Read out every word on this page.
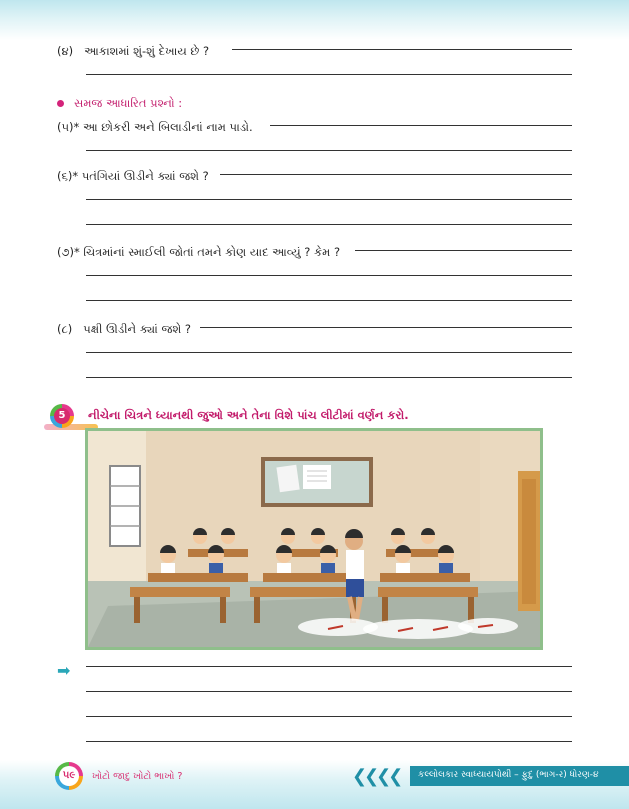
(૪) આકાશમાં શું-શું દેખાય છે ?
સમજ આધારિત પ્રશ્નો :
(૫)* આ છોકરી અને બિલાડીનાં નામ પાડો.
(૬)* પતંગિયાં ઊડીને ક્યાં જશે ?
(૭)* ચિત્રમાંનાં સ્માઈલી જોતાં તમને કોણ યાદ આવ્યું ? કેમ ?
(૮) પક્ષી ઊડીને ક્યાં જશે ?
5	નીચેના ચિત્રને ધ્યાનથી જુઓ અને તેના વિશે પાંચ લીટીમાં વર્ણન કરો.
➡
૫૯	ખોટો જાદુ ખોટો ભાખો ?	❮❮❮❮ કલ્લોલકાર સ્વાધ્યાયપોથી – ફુદુ (ભાગ-ર) ધોરણ-૪
